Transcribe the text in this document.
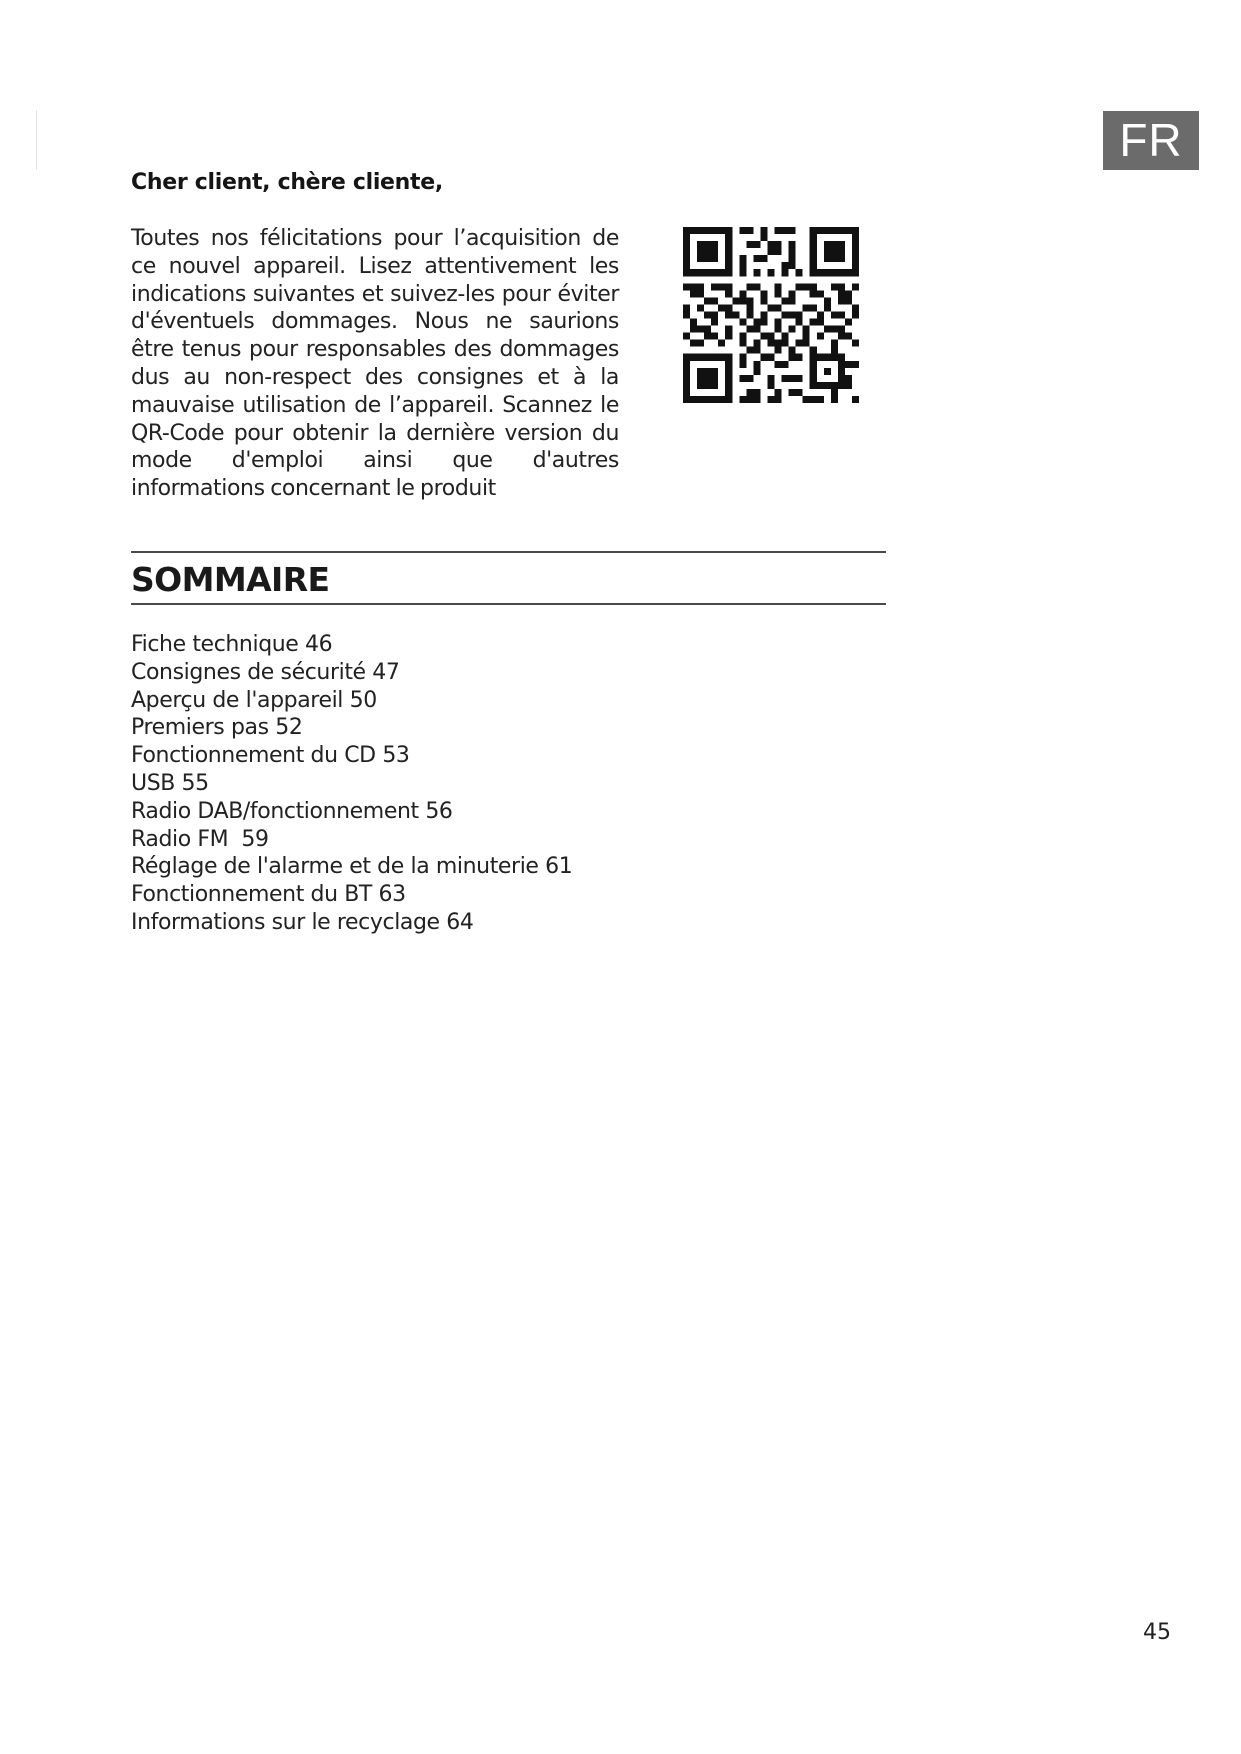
FR

Cher client, chère cliente,

Toutes nos félicitations pour l’acquisition de ce nouvel appareil. Lisez attentivement les indications suivantes et suivez-les pour éviter d'éventuels dommages. Nous ne saurions être tenus pour responsables des dommages dus au non-respect des consignes et à la mauvaise utilisation de l’appareil. Scannez le QR-Code pour obtenir la dernière version du mode d'emploi ainsi que d'autres informations concernant le produit

SOMMAIRE
Fiche technique 46
Consignes de sécurité 47
Aperçu de l'appareil 50
Premiers pas 52
Fonctionnement du CD 53
USB 55
Radio DAB/fonctionnement 56
Radio FM  59
Réglage de l'alarme et de la minuterie 61
Fonctionnement du BT 63
Informations sur le recyclage 64
45
